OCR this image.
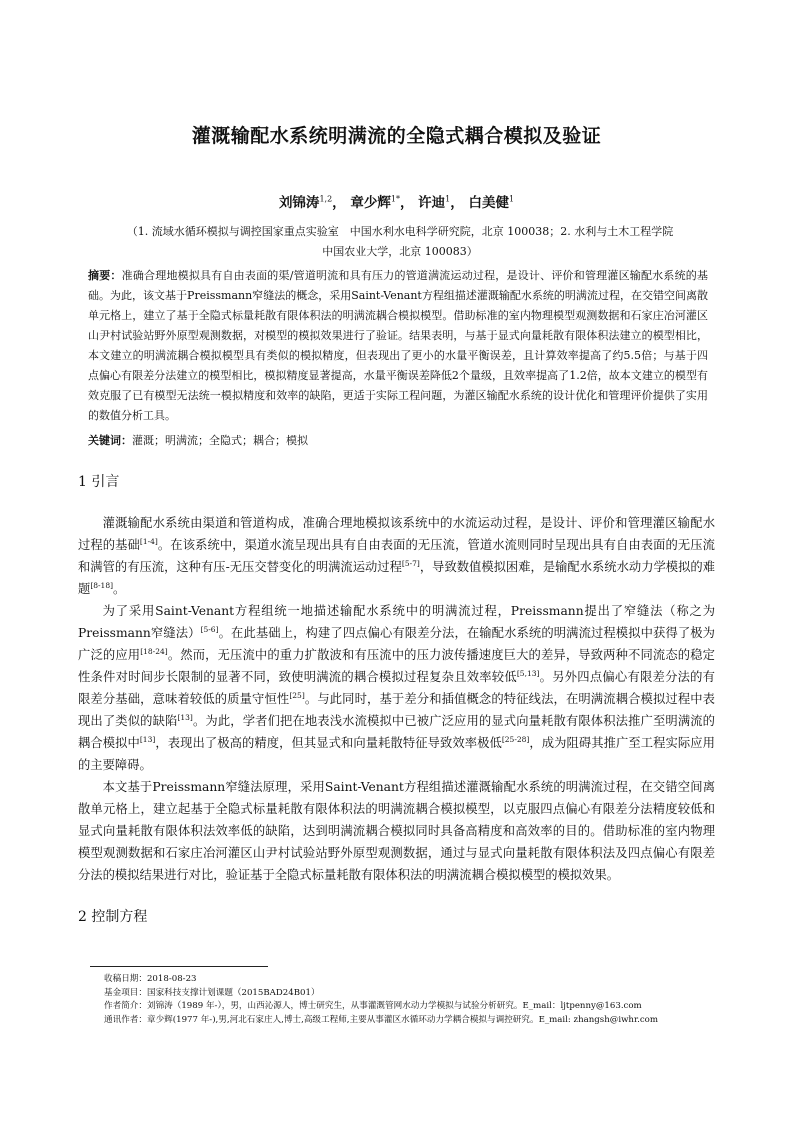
灌溉输配水系统明满流的全隐式耦合模拟及验证
刘锦涛$^{1,2}$， 章少辉$^{1*}$， 许迪$^1$， 白美健$^1$
（1. 流域水循环模拟与调控国家重点实验室　中国水利水电科学研究院，北京 100038；2. 水利与土木工程学院
中国农业大学，北京 100083）
摘要：准确合理地模拟具有自由表面的渠/管道明流和具有压力的管道满流运动过程，是设计、评价和管理灌区输配水系统的基础。为此，该文基于Preissmann窄缝法的概念，采用Saint-Venant方程组描述灌溉输配水系统的明满流过程，在交错空间离散单元格上，建立了基于全隐式标量耗散有限体积法的明满流耦合模拟模型。借助标准的室内物理模型观测数据和石家庄冶河灌区山尹村试验站野外原型观测数据，对模型的模拟效果进行了验证。结果表明，与基于显式向量耗散有限体积法建立的模型相比，本文建立的明满流耦合模拟模型具有类似的模拟精度，但表现出了更小的水量平衡误差，且计算效率提高了约5.5倍；与基于四点偏心有限差分法建立的模型相比，模拟精度显著提高，水量平衡误差降低2个量级，且效率提高了1.2倍，故本文建立的模型有效克服了已有模型无法统一模拟精度和效率的缺陷，更适于实际工程问题，为灌区输配水系统的设计优化和管理评价提供了实用的数值分析工具。
关键词：灌溉；明满流；全隐式；耦合；模拟
1 引言

灌溉输配水系统由渠道和管道构成，准确合理地模拟该系统中的水流运动过程，是设计、评价和管理灌区输配水过程的基础[1-4]。在该系统中，渠道水流呈现出具有自由表面的无压流，管道水流则同时呈现出具有自由表面的无压流和满管的有压流，这种有压-无压交替变化的明满流运动过程[5-7]，导致数值模拟困难，是输配水系统水动力学模拟的难题[8-18]。

为了采用Saint-Venant方程组统一地描述输配水系统中的明满流过程，Preissmann提出了窄缝法（称之为Preissmann窄缝法）[5-6]。在此基础上，构建了四点偏心有限差分法，在输配水系统的明满流过程模拟中获得了极为广泛的应用[18-24]。然而，无压流中的重力扩散波和有压流中的压力波传播速度巨大的差异，导致两种不同流态的稳定性条件对时间步长限制的显著不同，致使明满流的耦合模拟过程复杂且效率较低[5,13]。另外四点偏心有限差分法的有限差分基础，意味着较低的质量守恒性[25]。与此同时，基于差分和插值概念的特征线法，在明满流耦合模拟过程中表现出了类似的缺陷[13]。为此，学者们把在地表浅水流模拟中已被广泛应用的显式向量耗散有限体积法推广至明满流的耦合模拟中[13]，表现出了极高的精度，但其显式和向量耗散特征导致效率极低[25-28]，成为阻碍其推广至工程实际应用的主要障碍。

本文基于Preissmann窄缝法原理，采用Saint-Venant方程组描述灌溉输配水系统的明满流过程，在交错空间离散单元格上，建立起基于全隐式标量耗散有限体积法的明满流耦合模拟模型，以克服四点偏心有限差分法精度较低和显式向量耗散有限体积法效率低的缺陷，达到明满流耦合模拟同时具备高精度和高效率的目的。借助标准的室内物理模型观测数据和石家庄冶河灌区山尹村试验站野外原型观测数据，通过与显式向量耗散有限体积法及四点偏心有限差分法的模拟结果进行对比，验证基于全隐式标量耗散有限体积法的明满流耦合模拟模型的模拟效果。

2 控制方程
收稿日期：2018-08-23
基金项目：国家科技支撑计划课题（2015BAD24B01）
作者简介：刘锦涛（1989 年-），男，山西沁源人，博士研究生，从事灌溉管网水动力学模拟与试验分析研究。E_mail：ljtpenny@163.com
通讯作者：章少辉(1977 年-),男,河北石家庄人,博士,高级工程师,主要从事灌区水循环动力学耦合模拟与调控研究。E_mail: zhangsh@iwhr.com
